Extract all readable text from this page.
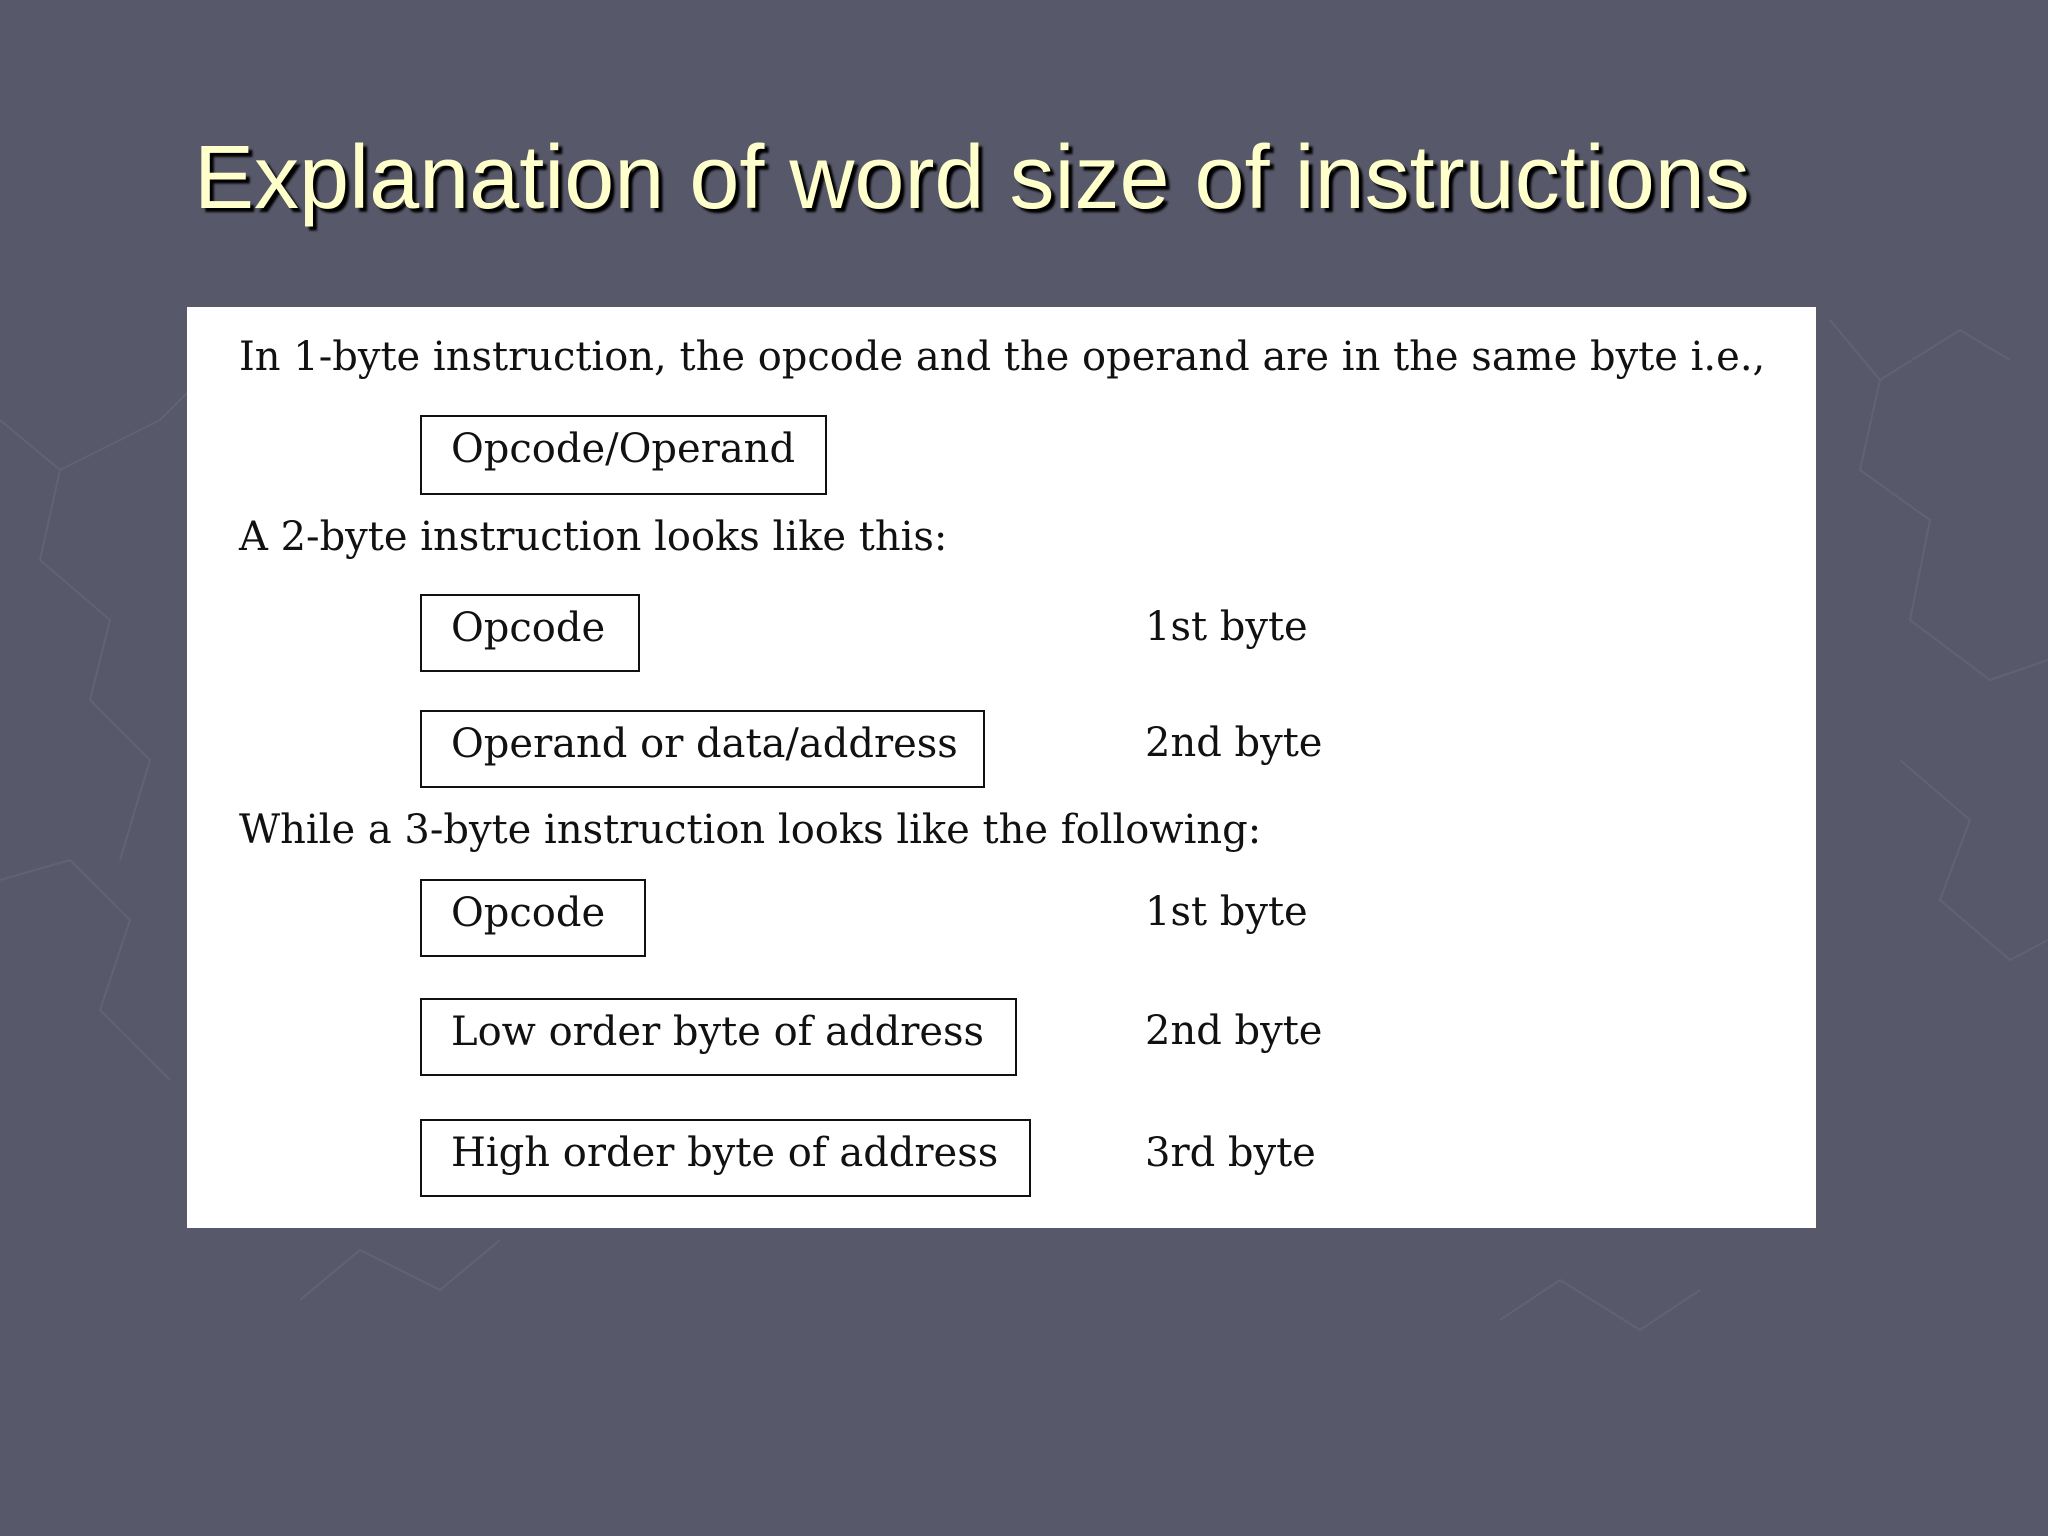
Explanation of word size of instructions
In 1-byte instruction, the opcode and the operand are in the same byte i.e.,
Opcode/Operand
A 2-byte instruction looks like this:
Opcode	1st byte
Operand or data/address	2nd byte
While a 3-byte instruction looks like the following:
Opcode	1st byte
Low order byte of address	2nd byte
High order byte of address	3rd byte
